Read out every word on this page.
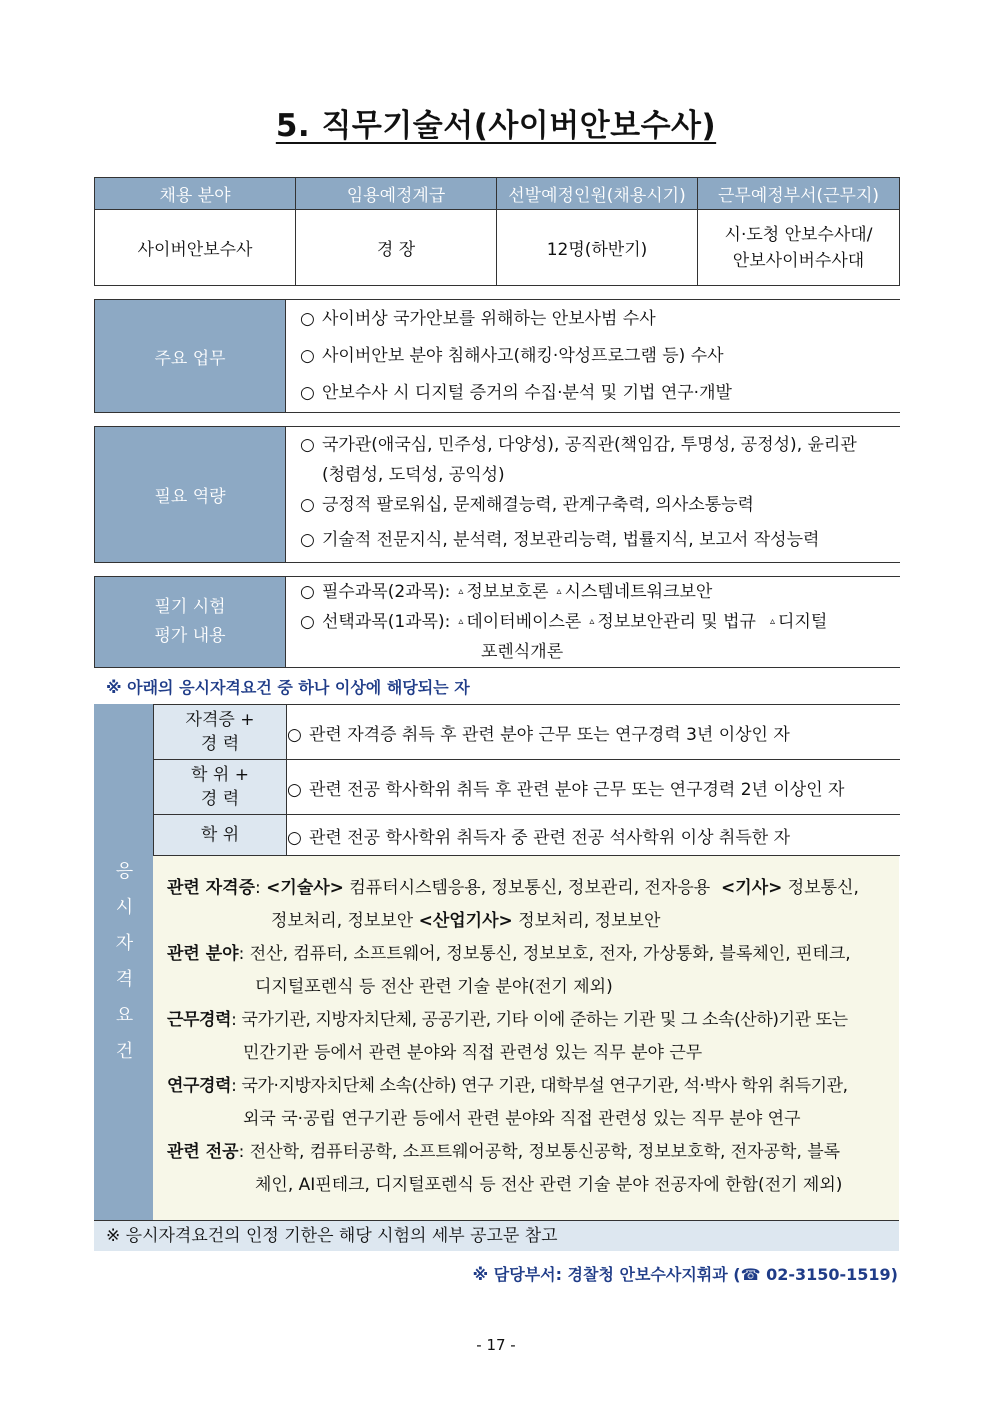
5. 직무기술서(사이버안보수사)
채용 분야	임용예정계급	선발예정인원(채용시기)	근무예정부서(근무지)
사이버안보수사	경 장	12명(하반기)	시·도청 안보수사대/
안보사이버수사대
주요 업무	
○ 사이버상 국가안보를 위해하는 안보사범 수사
○ 사이버안보 분야 침해사고(해킹·악성프로그램 등) 수사
○ 안보수사 시 디지털 증거의 수집·분석 및 기법 연구·개발
필요 역량	
○ 국가관(애국심, 민주성, 다양성), 공직관(책임감, 투명성, 공정성), 윤리관
(청렴성, 도덕성, 공익성)
○ 긍정적 팔로워십, 문제해결능력, 관계구축력, 의사소통능력
○ 기술적 전문지식, 분석력, 정보관리능력, 법률지식, 보고서 작성능력
필기 시험
평가 내용

○ 필수과목(2과목): ▵ 정보보호론 ▵ 시스템네트워크보안
○ 선택과목(1과목): ▵ 데이터베이스론 ▵ 정보보안관리 및 법규 ▵ 디지털
포렌식개론
※ 아래의 응시자격요건 중 하나 이상에 해당되는 자
응
시
자
격
요
건
자격증 +
경 력	○ 관련 자격증 취득 후 관련 분야 근무 또는 연구경력 3년 이상인 자

학 위 +
경 력	○ 관련 전공 학사학위 취득 후 관련 분야 근무 또는 연구경력 2년 이상인 자

학 위	○ 관련 전공 학사학위 취득자 중 관련 전공 석사학위 이상 취득한 자
관련 자격증: <기술사> 컴퓨터시스템응용, 정보통신, 정보관리, 전자응용 <기사> 정보통신,
정보처리, 정보보안 <산업기사> 정보처리, 정보보안
관련 분야: 전산, 컴퓨터, 소프트웨어, 정보통신, 정보보호, 전자, 가상통화, 블록체인, 핀테크,
디지털포렌식 등 전산 관련 기술 분야(전기 제외)
근무경력: 국가기관, 지방자치단체, 공공기관, 기타 이에 준하는 기관 및 그 소속(산하)기관 또는
민간기관 등에서 관련 분야와 직접 관련성 있는 직무 분야 근무
연구경력: 국가·지방자치단체 소속(산하) 연구 기관, 대학부설 연구기관, 석·박사 학위 취득기관,
외국 국·공립 연구기관 등에서 관련 분야와 직접 관련성 있는 직무 분야 연구
관련 전공: 전산학, 컴퓨터공학, 소프트웨어공학, 정보통신공학, 정보보호학, 전자공학, 블록
체인, AI핀테크, 디지털포렌식 등 전산 관련 기술 분야 전공자에 한함(전기 제외)
※ 응시자격요건의 인정 기한은 해당 시험의 세부 공고문 참고
※ 담당부서: 경찰청 안보수사지휘과 (☎ 02-3150-1519)
- 17 -
